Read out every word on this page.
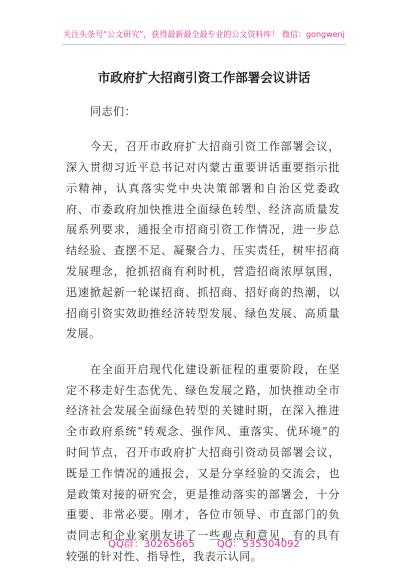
关注头条号“公文研究”，获得最新最全最专业的公文资料库！ 微信：gongwenj
市政府扩大招商引资工作部署会议讲话

同志们：

今天，召开市政府扩大招商引资工作部署会议，深入贯彻习近平总书记对内蒙古重要讲话重要指示批示精神，认真落实党中央决策部署和自治区党委政府、市委政府加快推进全面绿色转型、经济高质量发展系列要求，通报全市招商引资工作情况，进一步总结经验、查摆不足、凝聚合力、压实责任，树牢招商发展理念，抢抓招商有利时机，营造招商浓厚氛围，迅速掀起新一轮谋招商、抓招商、招好商的热潮，以招商引资实效助推经济转型发展、绿色发展、高质量发展。

在全面开启现代化建设新征程的重要阶段，在坚定不移走好生态优先、绿色发展之路，加快推动全市经济社会发展全面绿色转型的关键时期，在深入推进全市政府系统“转观念、强作风、重落实、优环境”的时间节点，召开市政府扩大招商引资动员部署会议，既是工作情况的通报会，又是分享经验的交流会，也是政策对接的研究会，更是推动落实的部署会，十分重要、非常必要。刚才，各位市领导、市直部门的负责同志和企业家朋友讲了一些观点和意见，有的具有较强的针对性、指导性，我表示认同。

QQ群：30265665 QQ：535304092
